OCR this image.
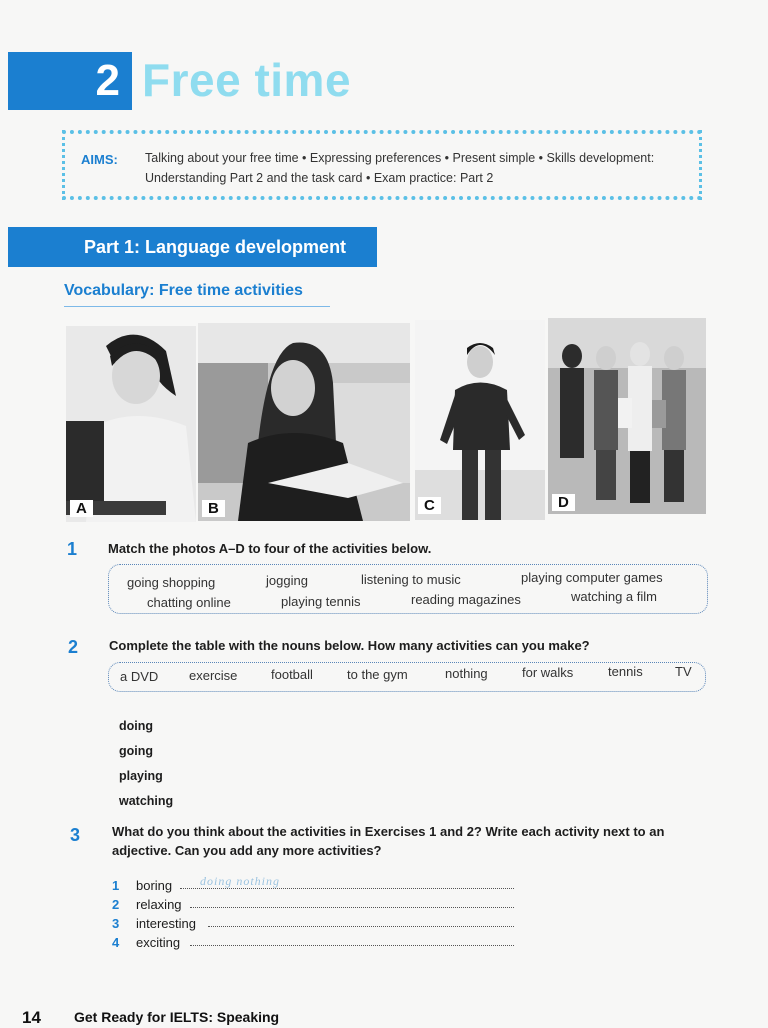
2 Free time
AIMS: Talking about your free time • Expressing preferences • Present simple • Skills development:
Understanding Part 2 and the task card • Exam practice: Part 2
Part 1: Language development
Vocabulary: Free time activities
A	B	C	D
1 Match the photos A–D to four of the activities below.
going shopping	jogging	listening to music	playing computer games
chatting online	playing tennis	reading magazines	watching a film
2 Complete the table with the nouns below. How many activities can you make?
a DVD exercise	football	to the gym	nothing	for walks	tennis TV
doing
going
playing
watching
3 What do you think about the activities in Exercises 1 and 2? Write each activity next to an
adjective. Can you add any more activities?
1 boring doing nothing
2 relaxing
3 interesting
4 exciting
14 Get Ready for IELTS: Speaking
